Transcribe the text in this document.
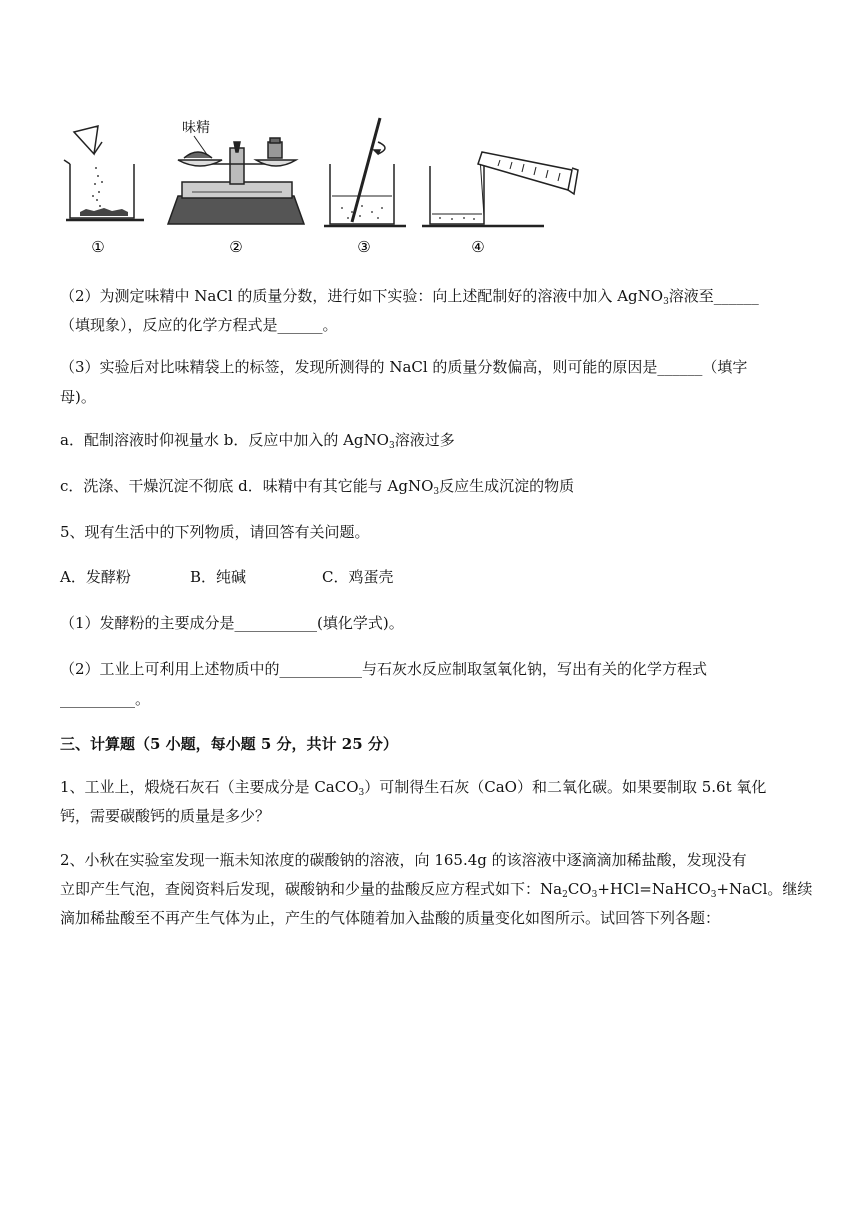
①
味精
②	③	④
（2）为测定味精中 NaCl 的质量分数，进行如下实验：向上述配制好的溶液中加入 AgNO$_3$溶液至______
（填现象），反应的化学方程式是______。
（3）实验后对比味精袋上的标签，发现所测得的 NaCl 的质量分数偏高，则可能的原因是______（填字
母)。
a．配制溶液时仰视量水 b．反应中加入的 AgNO$_3$溶液过多
c．洗涤、干燥沉淀不彻底 d．味精中有其它能与 AgNO$_3$反应生成沉淀的物质
5、现有生活中的下列物质，请回答有关问题。
A．发酵粉	B．纯碱	C．鸡蛋壳
（1）发酵粉的主要成分是___________(填化学式)。
（2）工业上可利用上述物质中的___________与石灰水反应制取氢氧化钠，写出有关的化学方程式
__________。
三、计算题（5 小题，每小题 5 分，共计 25 分）
1、工业上，煅烧石灰石（主要成分是 CaCO$_3$）可制得生石灰（CaO）和二氧化碳。如果要制取 5.6t 氧化
钙，需要碳酸钙的质量是多少？
2、小秋在实验室发现一瓶未知浓度的碳酸钠的溶液，向 165.4g 的该溶液中逐滴滴加稀盐酸，发现没有
立即产生气泡，查阅资料后发现，碳酸钠和少量的盐酸反应方程式如下：$Na_2CO_3+HCl=NaHCO_3+NaCl$。继续
滴加稀盐酸至不再产生气体为止，产生的气体随着加入盐酸的质量变化如图所示。试回答下列各题：
